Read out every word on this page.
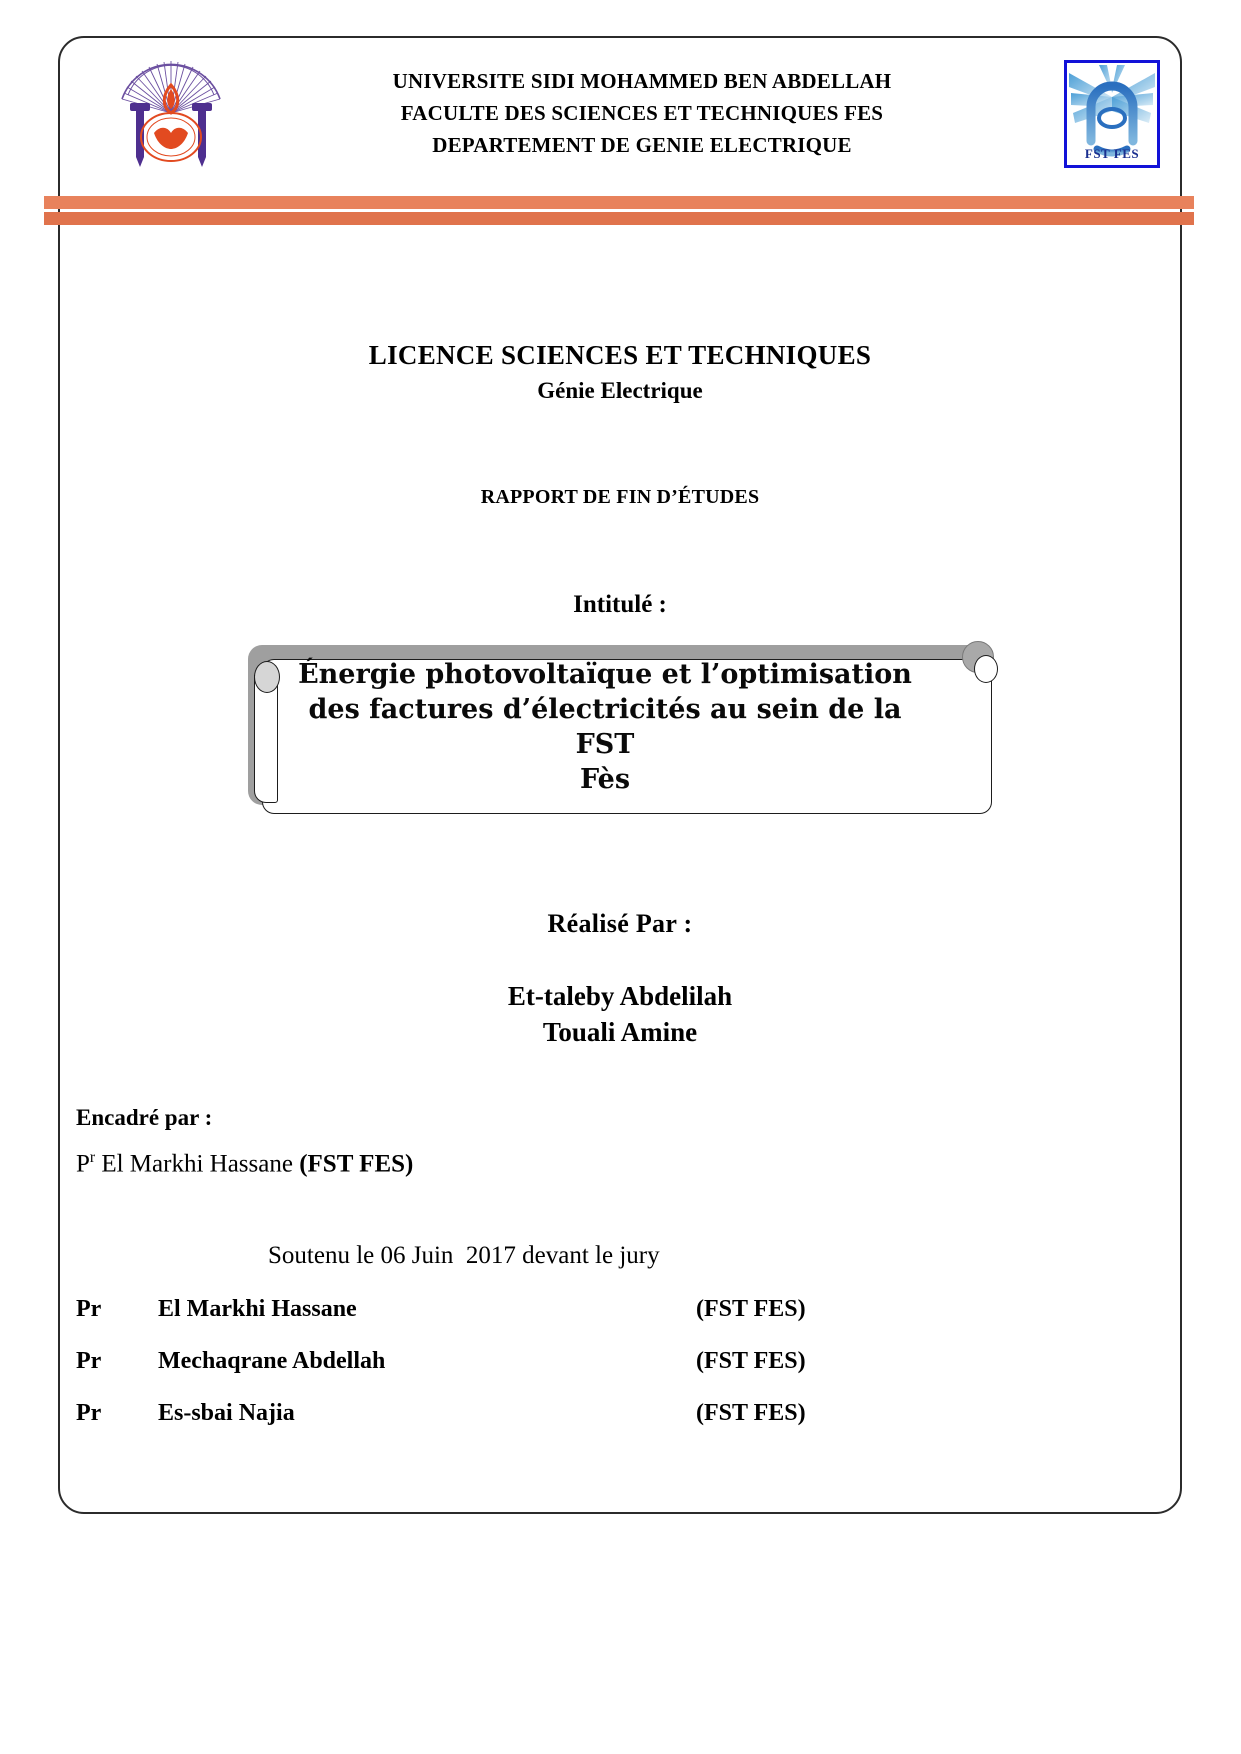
.....
UNIVERSITE SIDI MOHAMMED BEN ABDELLAH
FACULTE DES SCIENCES ET TECHNIQUES FES
DEPARTEMENT DE GENIE ELECTRIQUE	FST FES
LICENCE SCIENCES ET TECHNIQUES
Génie Electrique
RAPPORT DE FIN D’ÉTUDES
Intitulé :
Énergie photovoltaïque et l’optimisation
des factures d’électricités au sein de la FST
Fès
Réalisé Par :
Et-taleby Abdelilah
Touali Amine
Encadré par :
$P^r$ El Markhi Hassane (FST FES)
Soutenu le 06 Juin  2017 devant le jury
Pr	El Markhi Hassane	(FST FES)
Pr	Mechaqrane Abdellah	(FST FES)
Pr	Es-sbai Najia	(FST FES)
